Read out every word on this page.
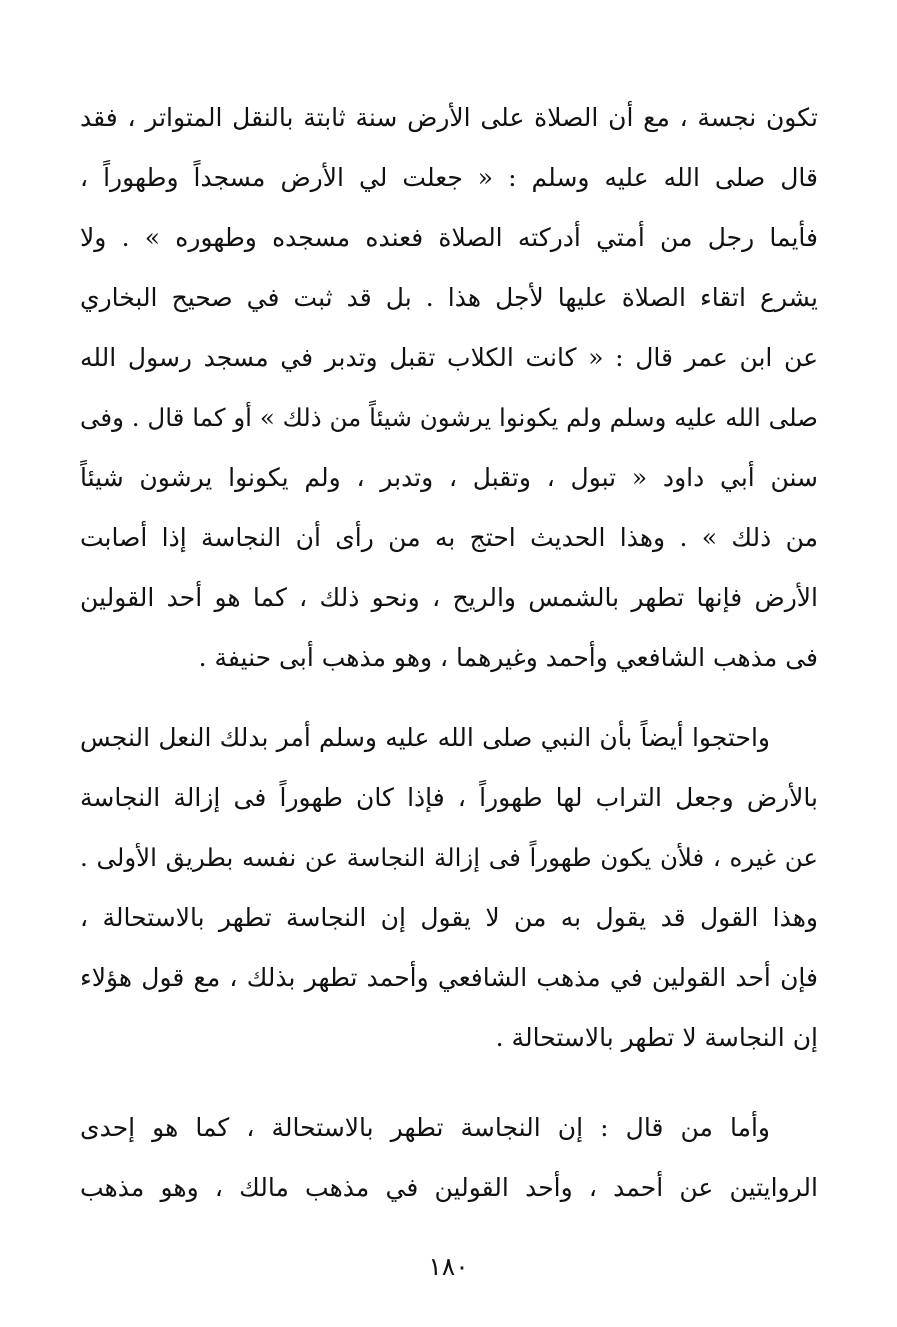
تكون نجسة ، مع أن الصلاة على الأرض سنة ثابتة بالنقل المتواتر ، فقد
قال صلى الله عليه وسلم : « جعلت لي الأرض مسجداً وطهوراً ،
فأيما رجل من أمتي أدركته الصلاة فعنده مسجده وطهوره » . ولا
يشرع اتقاء الصلاة عليها لأجل هذا . بل قد ثبت في صحيح البخاري
عن ابن عمر قال : « كانت الكلاب تقبل وتدبر في مسجد رسول الله
صلى الله عليه وسلم ولم يكونوا يرشون شيئاً من ذلك » أو كما قال . وفى
سنن أبي داود « تبول ، وتقبل ، وتدبر ، ولم يكونوا يرشون شيئاً
من ذلك » . وهذا الحديث احتج به من رأى أن النجاسة إذا أصابت
الأرض فإنها تطهر بالشمس والريح ، ونحو ذلك ، كما هو أحد القولين
فى مذهب الشافعي وأحمد وغيرهما ، وهو مذهب أبى حنيفة .
واحتجوا أيضاً بأن النبي صلى الله عليه وسلم أمر بدلك النعل النجس
بالأرض وجعل التراب لها طهوراً ، فإذا كان طهوراً فى إزالة النجاسة
عن غيره ، فلأن يكون طهوراً فى إزالة النجاسة عن نفسه بطريق الأولى .
وهذا القول قد يقول به من لا يقول إن النجاسة تطهر بالاستحالة ،
فإن أحد القولين في مذهب الشافعي وأحمد تطهر بذلك ، مع قول هؤلاء
إن النجاسة لا تطهر بالاستحالة .
وأما من قال : إن النجاسة تطهر بالاستحالة ، كما هو إحدى
الروايتين عن أحمد ، وأحد القولين في مذهب مالك ، وهو مذهب
١٨٠
